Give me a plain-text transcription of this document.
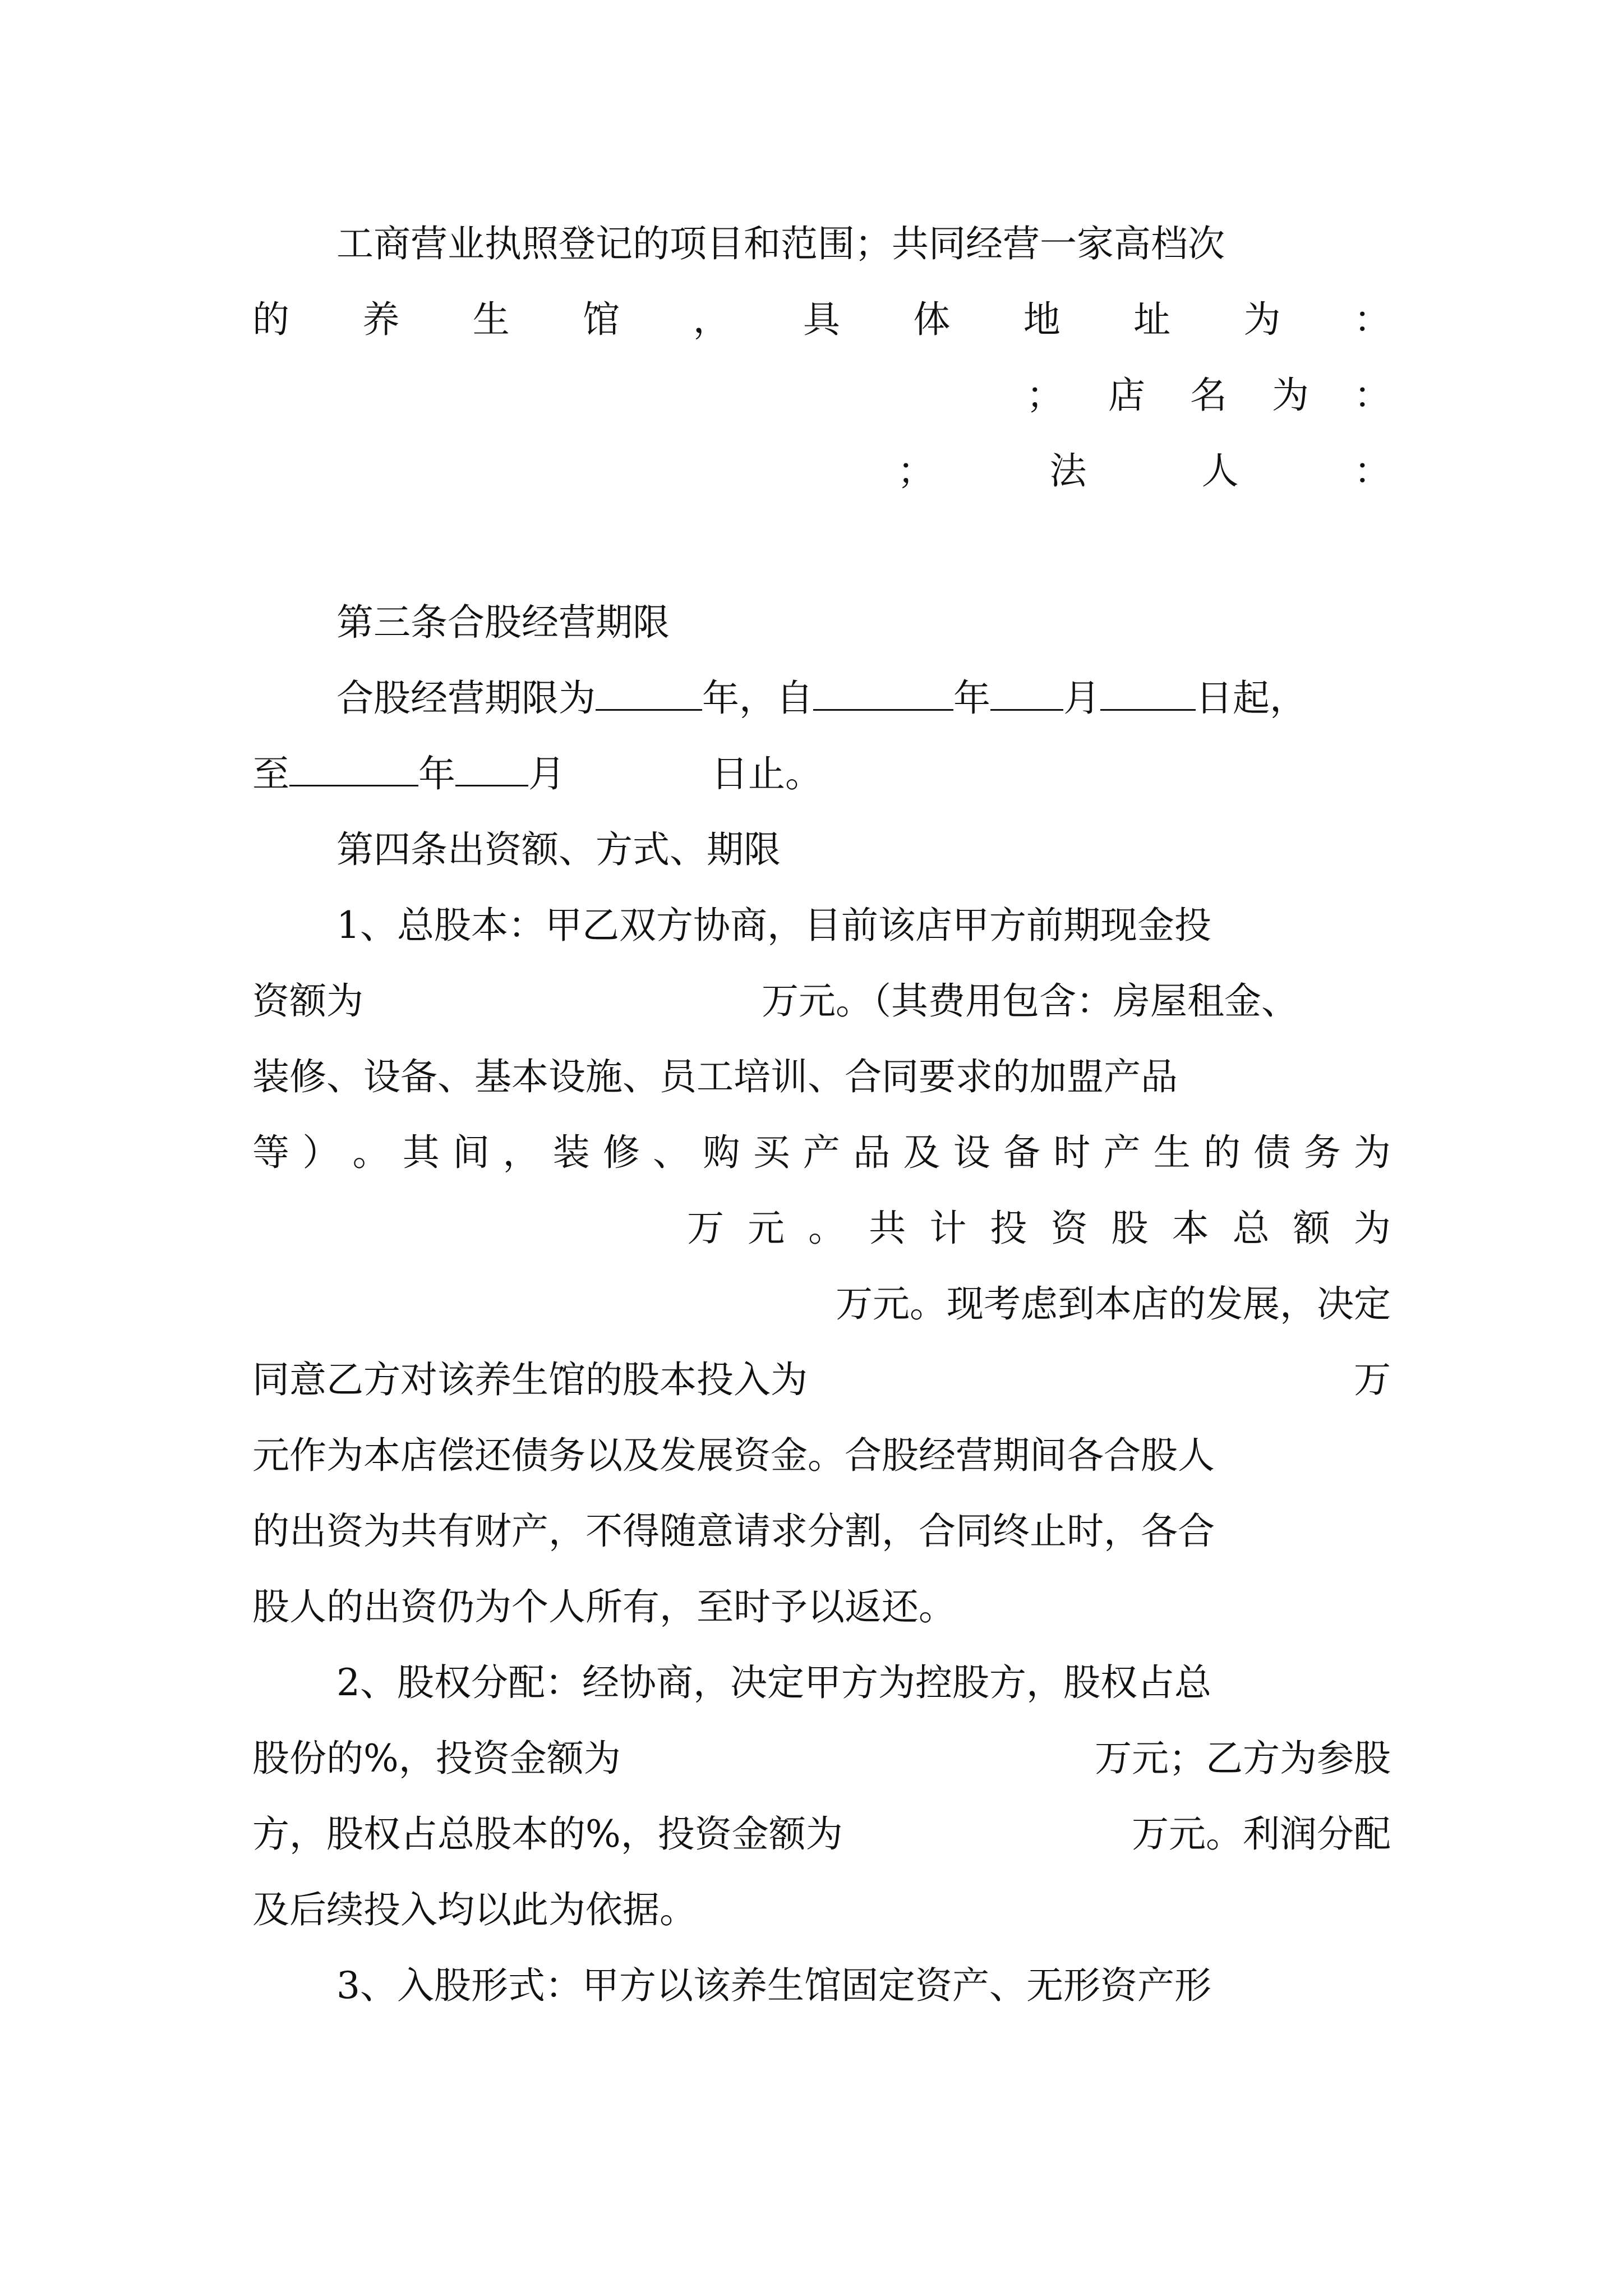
工商营业执照登记的项目和范围；共同经营一家高档次
的 养 生 馆 ， 具 体 地 址 为 ：
； 店 名 为 ：
；	法	人	：
第三条合股经营期限
合股经营期限为	年，自	年 月	日起，
至	年 月	日止。
第四条出资额、方式、期限
1、总股本：甲乙双方协商，目前该店甲方前期现金投
资额为	万元。（其费用包含：房屋租金、
装修、设备、基本设施、员工培训、合同要求的加盟产品
等 ） 。 其 间 ， 装 修 、 购 买 产 品 及 设 备 时 产 生 的 债 务 为
万 元 。 共 计 投 资 股 本 总 额 为
万元。现考虑到本店的发展，决定
同意乙方对该养生馆的股本投入为	万
元作为本店偿还债务以及发展资金。合股经营期间各合股人
的出资为共有财产，不得随意请求分割，合同终止时，各合
股人的出资仍为个人所有，至时予以返还。
2、股权分配：经协商，决定甲方为控股方，股权占总
股份的%，投资金额为	万元；乙方为参股
方，股权占总股本的%，投资金额为	万元。利润分配
及后续投入均以此为依据。
3、入股形式：甲方以该养生馆固定资产、无形资产形
